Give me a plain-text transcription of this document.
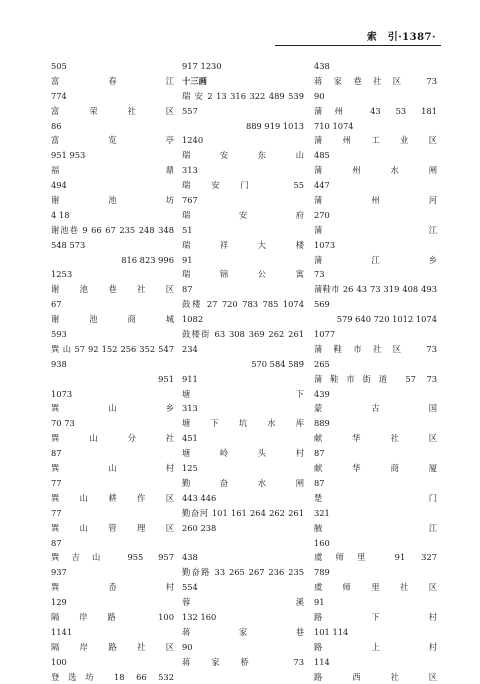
索　引·1387·
505
富 春 江
774
富 荣 社 区
86
富 览 亭
951 953
福 鼎
494
谢 池 坊
4 18
谢池巷 9 66 67 235 248 348
548 573
816 823 996
1253
谢 池 巷 社 区
67
谢 池 商 城
593
巽 山 57 92 152 256 352 547
938
951
1073
巽 山 乡
70 73
巽 山 分 社
87
巽 山 村
77
巽 山 耕 作 区
77
巽 山 管 理 区
87
巽吉山 955 957
937
巽 岙 村
129
隔岸路 100
1141
隔 岸 路 社 区
100
登选坊 18 66 532
917 1230
十三画
瑞 安 2 13 316 322 489 539
557
889 919 1013
1240
瑞 安 东 山
313
瑞安门 55
767
瑞 安 府
51
瑞 祥 大 楼
91
瑞 锦 公 寓
87
鼓楼 27 720 783 785 1074
1082
鼓楼街 63 308 369 262 261
234
570 584 589
911
塘 下
313
塘 下 坑 水 库
451
塘 岭 头 村
125
勤 奋 水 闸
443 446
勤奋河 101 161 264 262 261
260 238
438
勤奋路 33 265 267 236 235
554
蓉 溪
132 160
蒋 家 巷
90
蒋家桥 73
438
蒋家巷社区 73
90
蒲州 43 53 181
710 1074
蒲 州 工 业 区
485
蒲 州 水 闸
447
蒲 州 河
270
蒲 江
1073
蒲 江 乡
73
蒲鞋市 26 43 73 319 408 493
569
579 640 720 1012 1074
1077
蒲鞋市社区 73
265
蒲鞋市街道 57 73
439
蒙 古 国
889
献 华 社 区
87
献 华 商 厦
87
楚 门
321
腋 江
160
虞师里 91 327
789
虞 师 里 社 区
91
路 下 村
101 114
路 上 村
114
路 西 社 区
